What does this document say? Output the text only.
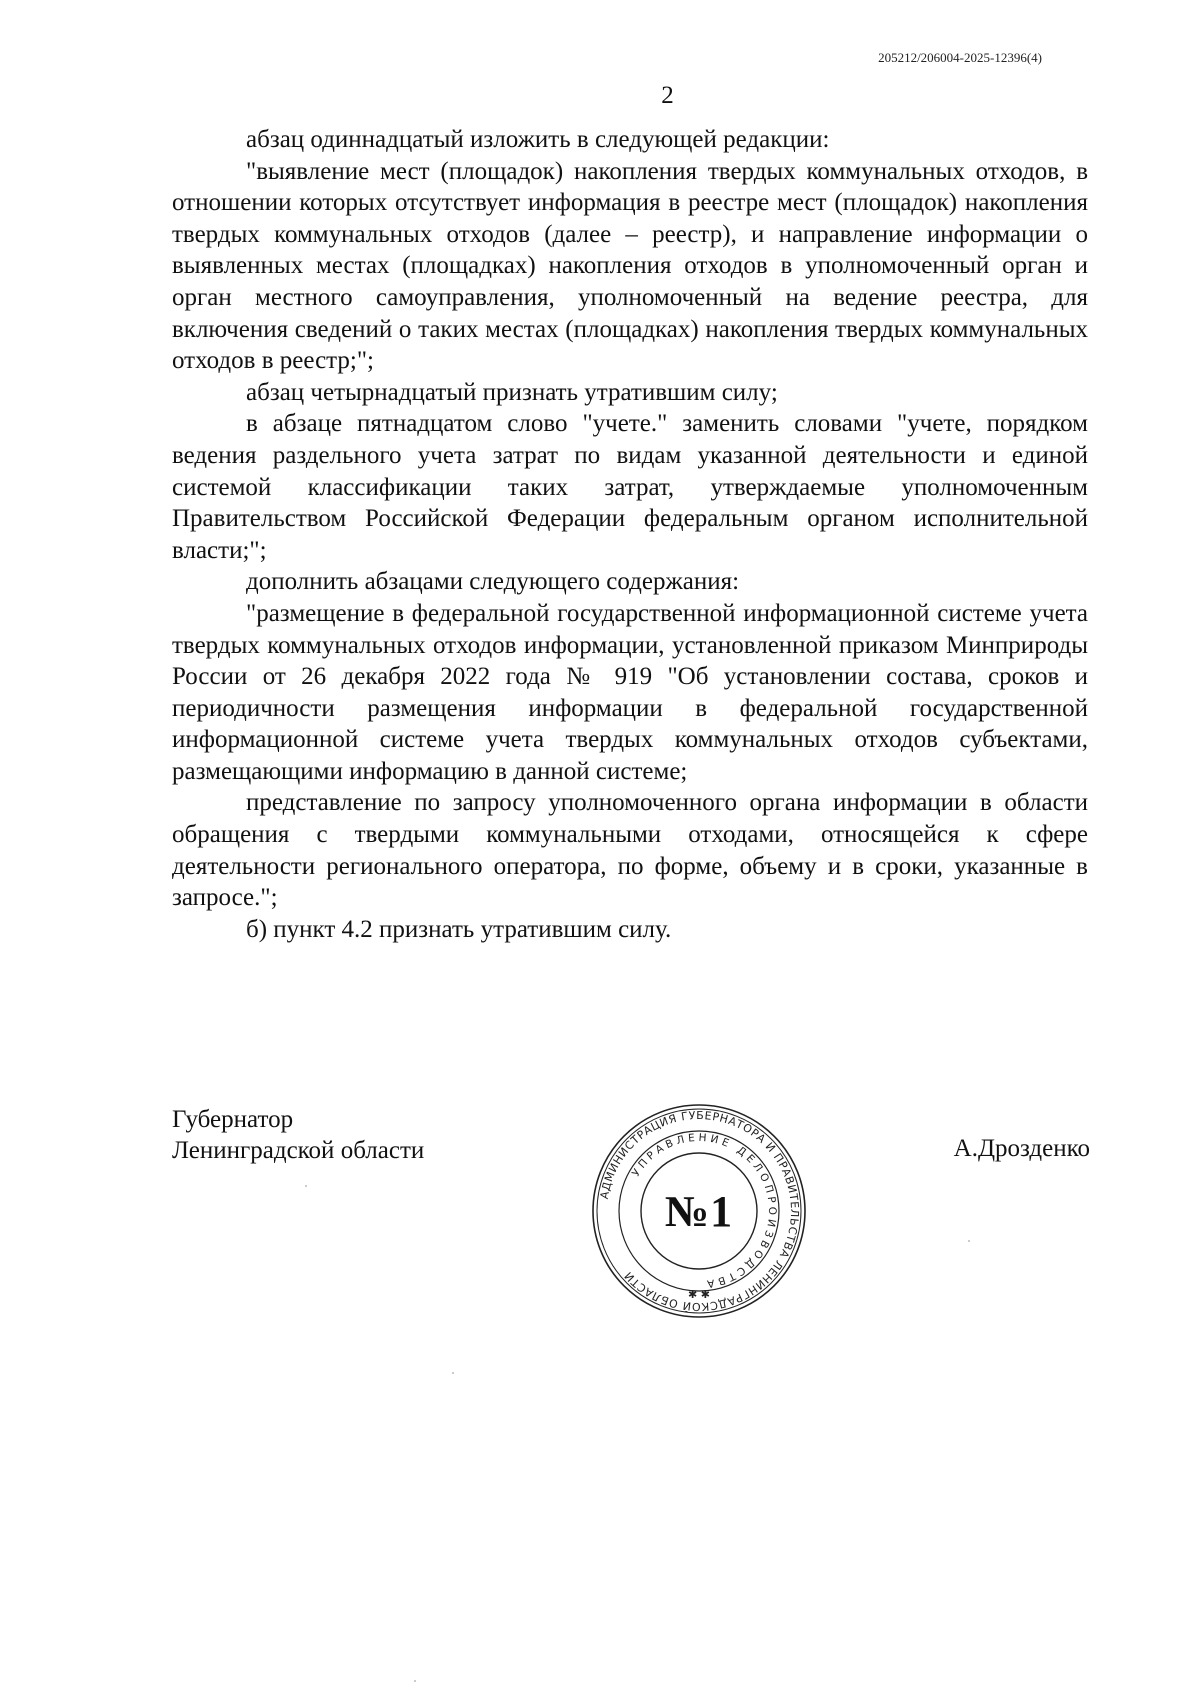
205212/206004-2025-12396(4)
2

абзац одиннадцатый изложить в следующей редакции:

"выявление мест (площадок) накопления твердых коммунальных отходов, в отношении которых отсутствует информация в реестре мест (площадок) накопления твердых коммунальных отходов (далее – реестр), и направление информации о выявленных местах (площадках) накопления отходов в уполномоченный орган и орган местного самоуправления, уполномоченный на ведение реестра, для включения сведений о таких местах (площадках) накопления твердых коммунальных отходов в реестр;";

абзац четырнадцатый признать утратившим силу;

в абзаце пятнадцатом слово "учете." заменить словами "учете, порядком ведения раздельного учета затрат по видам указанной деятельности и единой системой классификации таких затрат, утверждаемые уполномоченным Правительством Российской Федерации федеральным органом исполнительной власти;";

дополнить абзацами следующего содержания:

"размещение в федеральной государственной информационной системе учета твердых коммунальных отходов информации, установленной приказом Минприроды России от 26 декабря 2022 года № 919 "Об установлении состава, сроков и периодичности размещения информации в федеральной государственной информационной системе учета твердых коммунальных отходов субъектами, размещающими информацию в данной системе;

представление по запросу уполномоченного органа информации в области обращения с твердыми коммунальными отходами, относящейся к сфере деятельности регионального оператора, по форме, объему и в сроки, указанные в запросе.";

б) пункт 4.2 признать утратившим силу.

Губернатор
Ленинградской области
АДМИНИСТРАЦИЯ ГУБЕРНАТОРА И ПРАВИТЕЛЬСТВА ЛЕНИНГРАДСКОЙ ОБЛАСТИ
УПРАВЛЕНИЕ ДЕЛОПРОИЗВОДСТВА
✱ ✱
№1
А.Дрозденко
